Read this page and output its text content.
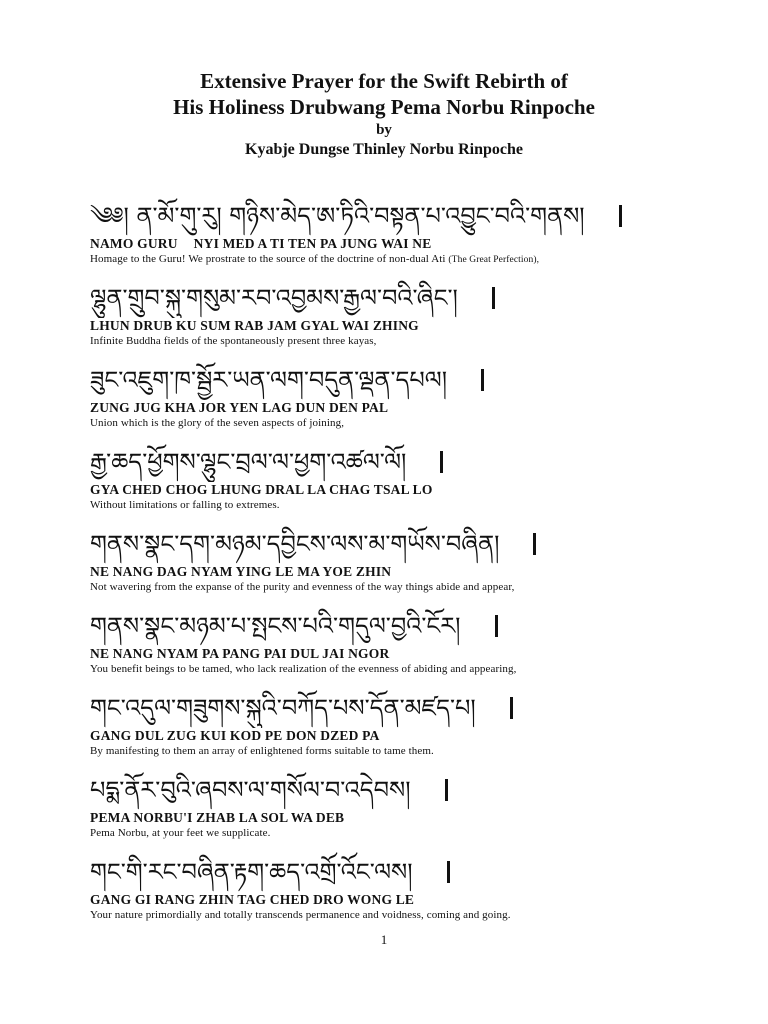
Extensive Prayer for the Swift Rebirth of
His Holiness Drubwang Pema Norbu Rinpoche
by
Kyabje Dungse Thinley Norbu Rinpoche
༄༅། ན་མོ་གུ་རུ། གཉིས་མེད་ཨ་ཏིའི་བསྟན་པ་འབྱུང་བའི་གནས།
NAMO GURU NYI MED A TI TEN PA JUNG WAI NE
Homage to the Guru! We prostrate to the source of the doctrine of non-dual Ati (The Great Perfection),
ལྷུན་གྲུབ་སྐུ་གསུམ་རབ་འབྱམས་རྒྱལ་བའི་ཞིང་།
LHUN DRUB KU SUM RAB JAM GYAL WAI ZHING
Infinite Buddha fields of the spontaneously present three kayas,
ཟུང་འཇུག་ཁ་སྦྱོར་ཡན་ལག་བདུན་ལྡན་དཔལ།
ZUNG JUG KHA JOR YEN LAG DUN DEN PAL
Union which is the glory of the seven aspects of joining,
རྒྱ་ཆད་ཕྱོགས་ལྷུང་བྲལ་ལ་ཕྱག་འཚལ་ལོ།
GYA CHED CHOG LHUNG DRAL LA CHAG TSAL LO
Without limitations or falling to extremes.
གནས་སྣང་དག་མཉམ་དབྱིངས་ལས་མ་གཡོས་བཞིན།
NE NANG DAG NYAM YING LE MA YOE ZHIN
Not wavering from the expanse of the purity and evenness of the way things abide and appear,
གནས་སྣང་མཉམ་པ་སྤངས་པའི་གདུལ་བྱའི་ངོར།
NE NANG NYAM PA PANG PAI DUL JAI NGOR
You benefit beings to be tamed, who lack realization of the evenness of abiding and appearing,
གང་འདུལ་གཟུགས་སྐུའི་བཀོད་པས་དོན་མཛད་པ།
GANG DUL ZUG KUI KOD PE DON DZED PA
By manifesting to them an array of enlightened forms suitable to tame them.
པདྨ་ནོར་བུའི་ཞབས་ལ་གསོལ་བ་འདེབས།
PEMA NORBU'I ZHAB LA SOL WA DEB
Pema Norbu, at your feet we supplicate.
གང་གི་རང་བཞིན་རྟག་ཆད་འགྲོ་འོང་ལས།
GANG GI RANG ZHIN TAG CHED DRO WONG LE
Your nature primordially and totally transcends permanence and voidness, coming and going.
1
